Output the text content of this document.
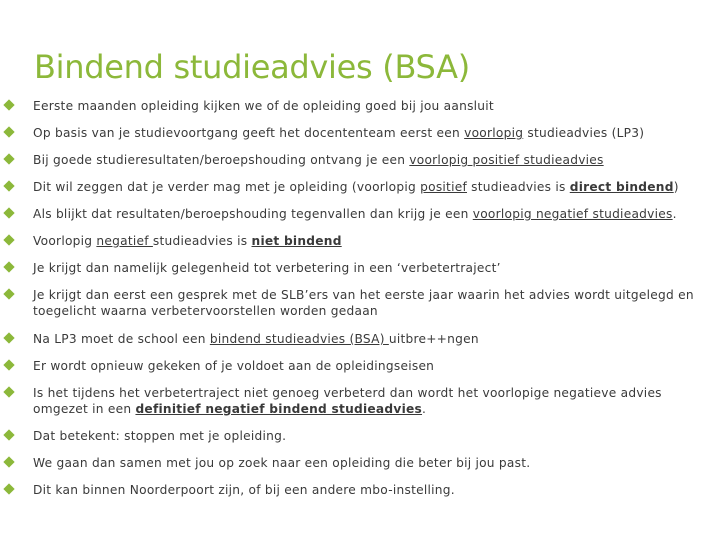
Bindend studieadvies (BSA)
Eerste maanden opleiding kijken we of de opleiding goed bij jou aansluit
Op basis van je studievoortgang geeft het docententeam eerst een voorlopig studieadvies (LP3)
Bij goede studieresultaten/beroepshouding ontvang je een voorlopig positief studieadvies
Dit wil zeggen dat je verder mag met je opleiding (voorlopig positief studieadvies is direct bindend)
Als blijkt dat resultaten/beroepshouding tegenvallen dan krijg je een voorlopig negatief studieadvies.
Voorlopig negatief studieadvies is niet bindend
Je krijgt dan namelijk gelegenheid tot verbetering in een ‘verbetertraject’
Je krijgt dan eerst een gesprek met de SLB’ers van het eerste jaar waarin het advies wordt uitgelegd en toegelicht waarna verbetervoorstellen worden gedaan
Na LP3 moet de school een bindend studieadvies (BSA) uitbre++ngen
Er wordt opnieuw gekeken of je voldoet aan de opleidingseisen
Is het tijdens het verbetertraject niet genoeg verbeterd dan wordt het voorlopige negatieve advies omgezet in een definitief negatief bindend studieadvies.
Dat betekent: stoppen met je opleiding.
We gaan dan samen met jou op zoek naar een opleiding die beter bij jou past.
Dit kan binnen Noorderpoort zijn, of bij een andere mbo-instelling.
